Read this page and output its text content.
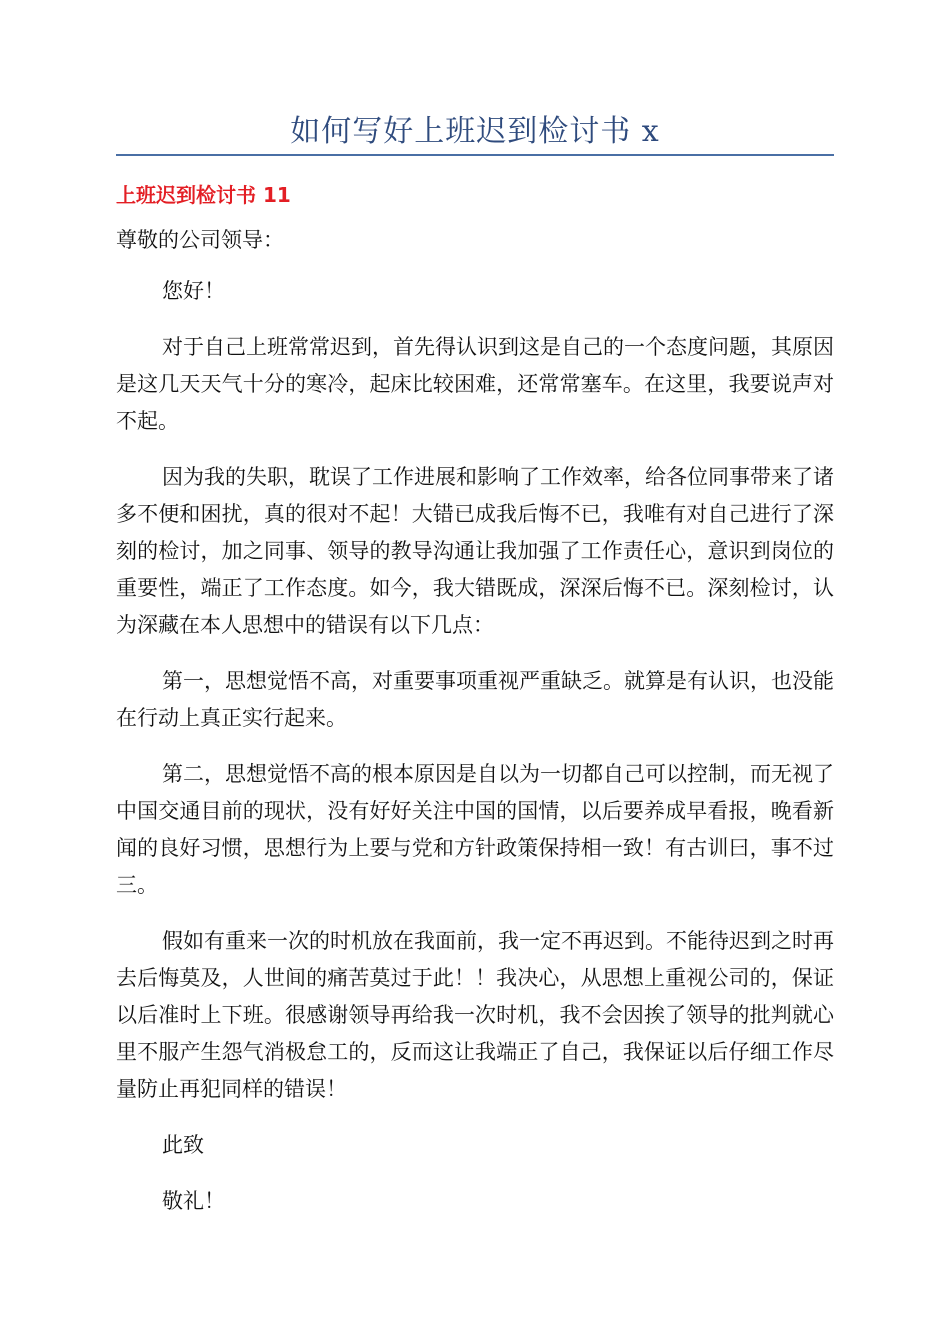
如何写好上班迟到检讨书 x
上班迟到检讨书 11

尊敬的公司领导：

您好！

对于自己上班常常迟到，首先得认识到这是自己的一个态度问题，其原因是这几天天气十分的寒冷，起床比较困难，还常常塞车。在这里，我要说声对不起。

因为我的失职，耽误了工作进展和影响了工作效率，给各位同事带来了诸多不便和困扰，真的很对不起！大错已成我后悔不已，我唯有对自己进行了深刻的检讨，加之同事、领导的教导沟通让我加强了工作责任心，意识到岗位的重要性，端正了工作态度。如今，我大错既成，深深后悔不已。深刻检讨，认为深藏在本人思想中的错误有以下几点：

第一，思想觉悟不高，对重要事项重视严重缺乏。就算是有认识，也没能在行动上真正实行起来。

第二，思想觉悟不高的根本原因是自以为一切都自己可以控制，而无视了中国交通目前的现状，没有好好关注中国的国情，以后要养成早看报，晚看新闻的良好习惯，思想行为上要与党和方针政策保持相一致！有古训曰，事不过三。

假如有重来一次的时机放在我面前，我一定不再迟到。不能待迟到之时再去后悔莫及，人世间的痛苦莫过于此！！我决心，从思想上重视公司的，保证以后准时上下班。很感谢领导再给我一次时机，我不会因挨了领导的批判就心里不服产生怨气消极怠工的，反而这让我端正了自己，我保证以后仔细工作尽量防止再犯同样的错误！

此致

敬礼！
